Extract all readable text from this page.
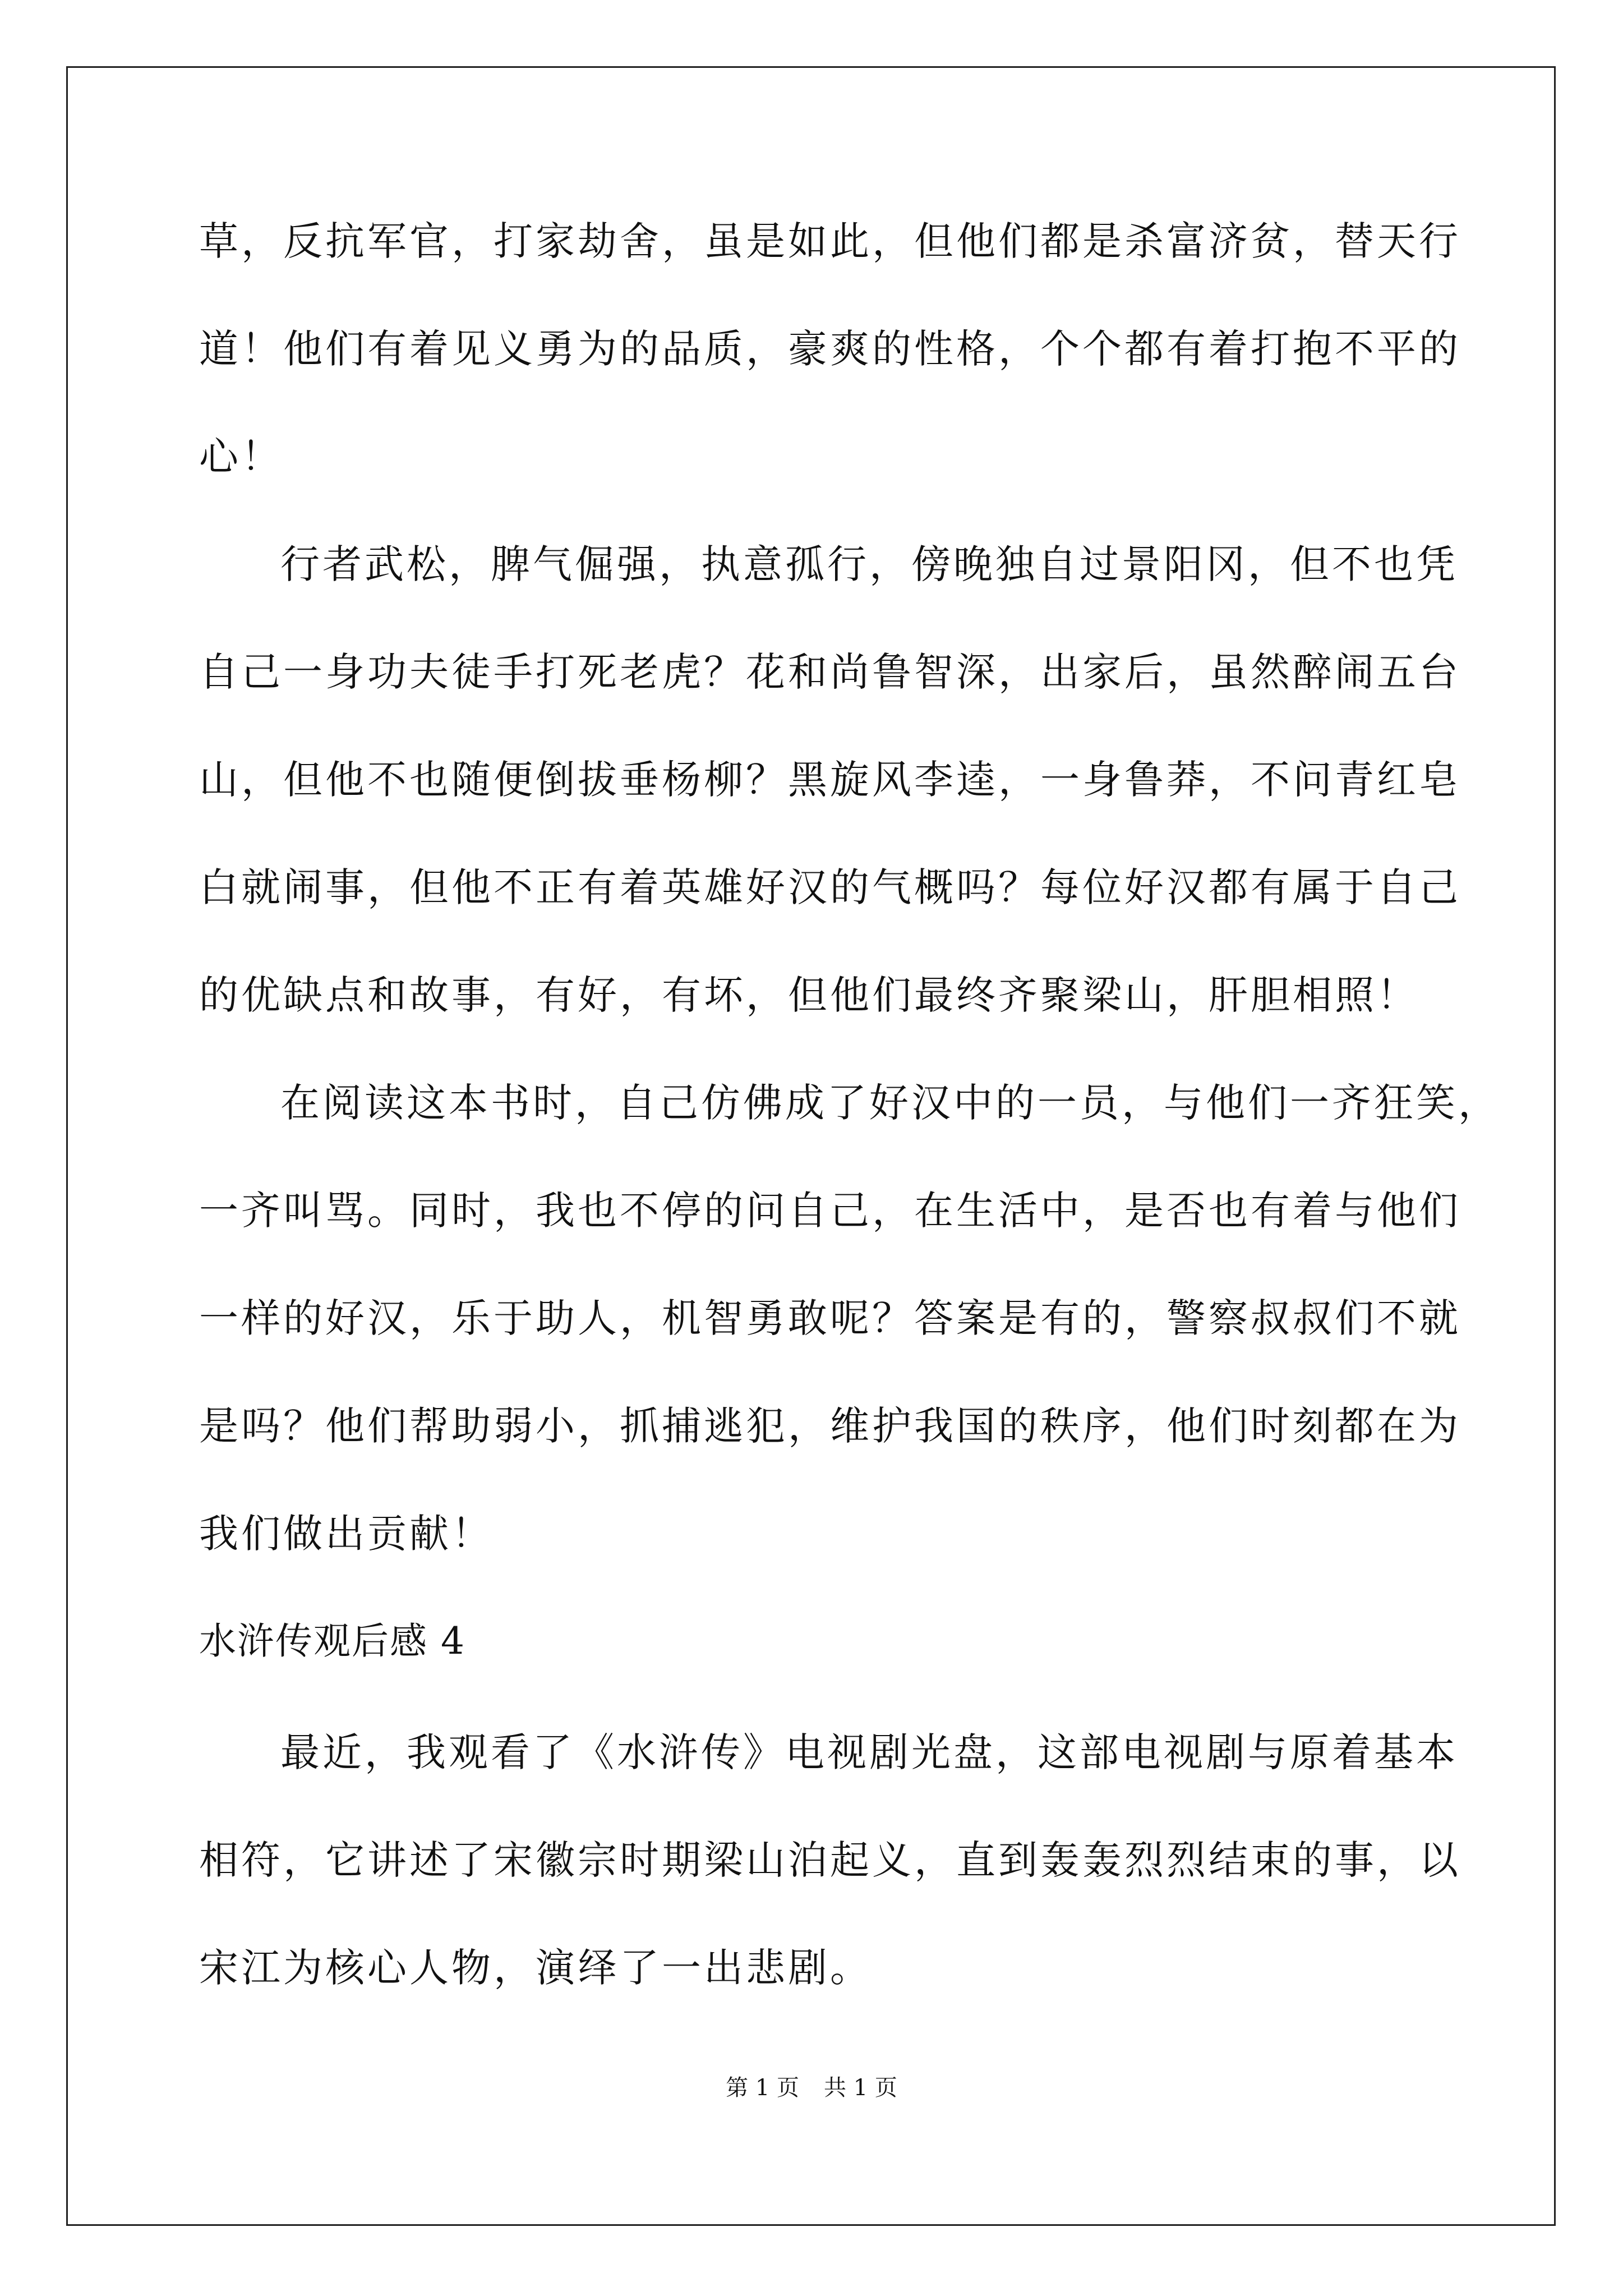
草，反抗军官，打家劫舍，虽是如此，但他们都是杀富济贫，替天行

道！他们有着见义勇为的品质，豪爽的性格，个个都有着打抱不平的

心！

行者武松，脾气倔强，执意孤行，傍晚独自过景阳冈，但不也凭

自己一身功夫徒手打死老虎？花和尚鲁智深，出家后，虽然醉闹五台

山，但他不也随便倒拔垂杨柳？黑旋风李逵，一身鲁莽，不问青红皂

白就闹事，但他不正有着英雄好汉的气概吗？每位好汉都有属于自己

的优缺点和故事，有好，有坏，但他们最终齐聚梁山，肝胆相照！

在阅读这本书时，自己仿佛成了好汉中的一员，与他们一齐狂笑，

一齐叫骂。同时，我也不停的问自己，在生活中，是否也有着与他们

一样的好汉，乐于助人，机智勇敢呢？答案是有的，警察叔叔们不就

是吗？他们帮助弱小，抓捕逃犯，维护我国的秩序，他们时刻都在为

我们做出贡献！

水浒传观后感 4

最近，我观看了《水浒传》电视剧光盘，这部电视剧与原着基本

相符，它讲述了宋徽宗时期梁山泊起义，直到轰轰烈烈结束的事，以

宋江为核心人物，演绎了一出悲剧。

第 1 页 共 1 页
